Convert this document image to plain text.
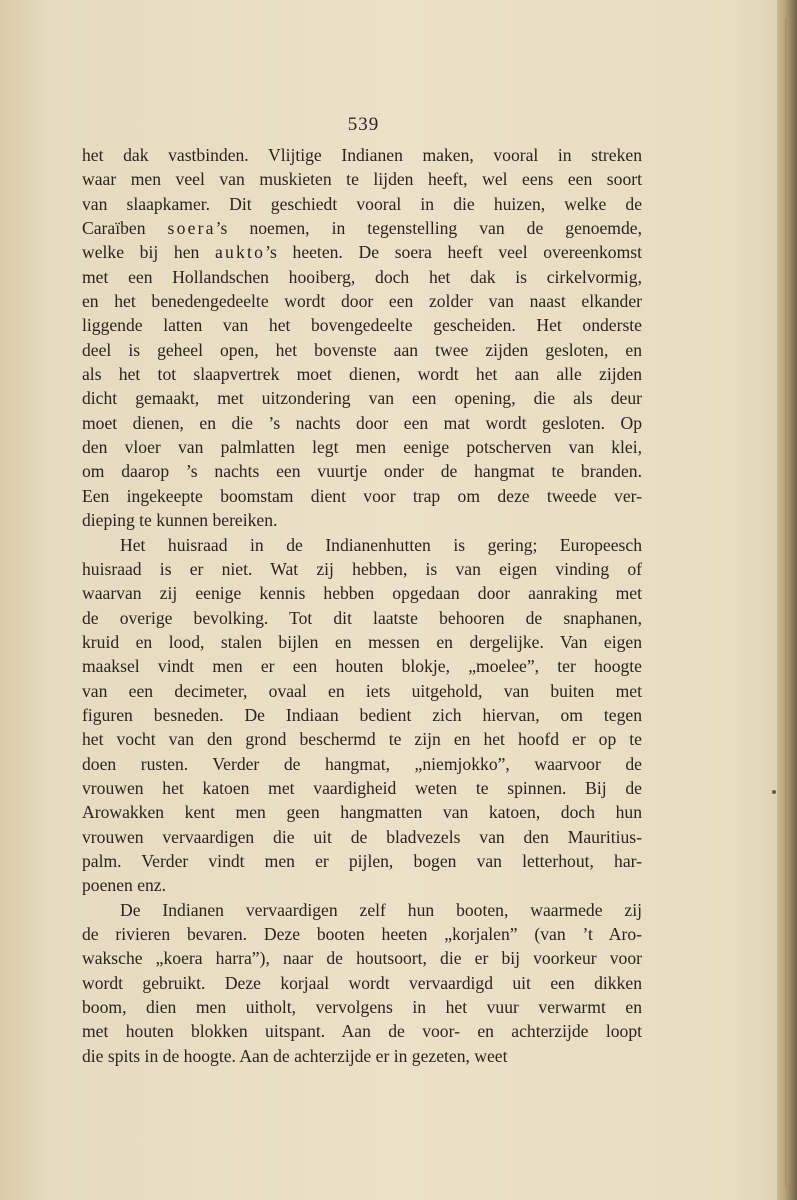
539
het dak vastbinden. Vlijtige Indianen maken, vooral in streken
waar men veel van muskieten te lijden heeft, wel eens een soort
van slaapkamer. Dit geschiedt vooral in die huizen, welke de
Caraïben soera’s noemen, in tegenstelling van de genoemde,
welke bij hen aukto’s heeten. De soera heeft veel overeenkomst
met een Hollandschen hooiberg, doch het dak is cirkelvormig,
en het benedengedeelte wordt door een zolder van naast elkander
liggende latten van het bovengedeelte gescheiden. Het onderste
deel is geheel open, het bovenste aan twee zijden gesloten, en
als het tot slaapvertrek moet dienen, wordt het aan alle zijden
dicht gemaakt, met uitzondering van een opening, die als deur
moet dienen, en die ’s nachts door een mat wordt gesloten. Op
den vloer van palmlatten legt men eenige potscherven van klei,
om daarop ’s nachts een vuurtje onder de hangmat te branden.
Een ingekeepte boomstam dient voor trap om deze tweede ver-
dieping te kunnen bereiken.
Het huisraad in de Indianenhutten is gering; Europeesch
huisraad is er niet. Wat zij hebben, is van eigen vinding of
waarvan zij eenige kennis hebben opgedaan door aanraking met
de overige bevolking. Tot dit laatste behooren de snaphanen,
kruid en lood, stalen bijlen en messen en dergelijke. Van eigen
maaksel vindt men er een houten blokje, „moelee”, ter hoogte
van een decimeter, ovaal en iets uitgehold, van buiten met
figuren besneden. De Indiaan bedient zich hiervan, om tegen
het vocht van den grond beschermd te zijn en het hoofd er op te
doen rusten. Verder de hangmat, „niemjokko”, waarvoor de
vrouwen het katoen met vaardigheid weten te spinnen. Bij de
Arowakken kent men geen hangmatten van katoen, doch hun
vrouwen vervaardigen die uit de bladvezels van den Mauritius-
palm. Verder vindt men er pijlen, bogen van letterhout, har-
poenen enz.
De Indianen vervaardigen zelf hun booten, waarmede zij
de rivieren bevaren. Deze booten heeten „korjalen” (van ’t Aro-
waksche „koera harra”), naar de houtsoort, die er bij voorkeur voor
wordt gebruikt. Deze korjaal wordt vervaardigd uit een dikken
boom, dien men uitholt, vervolgens in het vuur verwarmt en
met houten blokken uitspant. Aan de voor- en achterzijde loopt
die spits in de hoogte. Aan de achterzijde er in gezeten, weet
